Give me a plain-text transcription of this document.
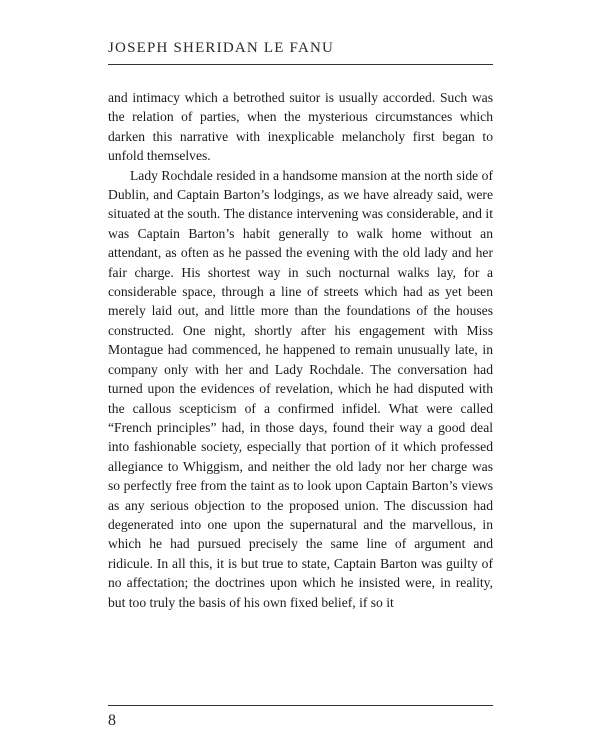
JOSEPH SHERIDAN LE FANU

and intimacy which a betrothed suitor is usually accorded. Such was the relation of parties, when the mysterious circumstances which darken this narrative with inexplicable melancholy first began to unfold themselves.

Lady Rochdale resided in a handsome mansion at the north side of Dublin, and Captain Barton’s lodgings, as we have already said, were situated at the south. The distance intervening was considerable, and it was Captain Barton’s habit generally to walk home without an attendant, as often as he passed the evening with the old lady and her fair charge. His shortest way in such nocturnal walks lay, for a considerable space, through a line of streets which had as yet been merely laid out, and little more than the foundations of the houses constructed. One night, shortly after his engagement with Miss Montague had commenced, he happened to remain unusually late, in company only with her and Lady Rochdale. The conversation had turned upon the evidences of revelation, which he had disputed with the callous scepticism of a confirmed infidel. What were called “French principles” had, in those days, found their way a good deal into fashionable society, especially that portion of it which professed allegiance to Whiggism, and neither the old lady nor her charge was so perfectly free from the taint as to look upon Captain Barton’s views as any serious objection to the proposed union. The discussion had degenerated into one upon the supernatural and the marvellous, in which he had pursued precisely the same line of argument and ridicule. In all this, it is but true to state, Captain Barton was guilty of no affectation; the doctrines upon which he insisted were, in reality, but too truly the basis of his own fixed belief, if so it

8
